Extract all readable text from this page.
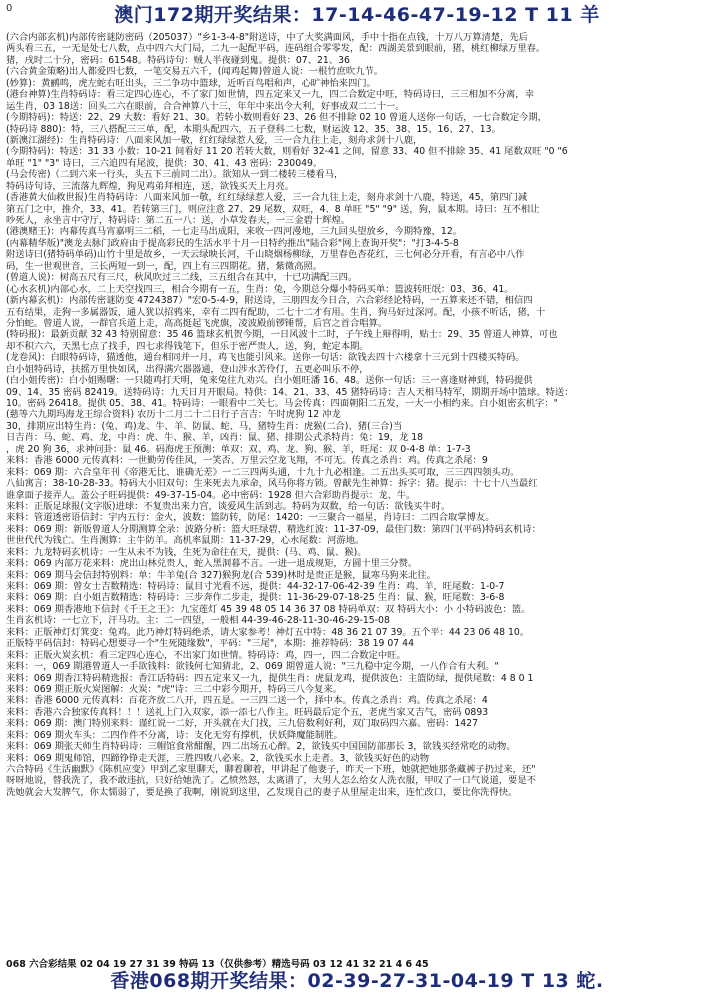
0	澳门172期开奖结果：17-14-46-47-19-12 T 11 羊
(六合内部玄机)内部传密谜防密码（205037）"乡1-3-4-8"附送诗，中了大奖满面风，手中十指在点钱，十万八万算清楚，先后
两头看三五，一无是处七八数，点中四六大门局，二九一起配平码，连码组合零零发，配：西湖美景到眼前，猪，桃红柳绿万里春。
猪，戌时二十分，密码：61548。特码诗句：贼人半夜碰到鬼。提供：07、21、36
(六合黄金策略)出人都爱四七数，一笔交易五六千，(闻鸡起舞)曾道人说：一根竹庶吹九节。
(妙算)：黄鹂鸣，虎左蛇右旺出头，三二争功中篮球，近听百鸟唱和声，心旷神怡来四门。
(港台神算)生肖特码诗：看三定四心连心，不了家门如世情，四五定来又一九，四二合数定中旺，特码诗曰，三三相加不分离，幸
运生肖，03 18送：回头二六在眼前，合合神算八十三，年年中来出令大利，好事成双二二十一。
(今期特码)：特送：22、29 大数：看好 21、30。若转小数则看好 23、26 但不排除 02 10 曾道人送你一句话，一七合数定今期，
(特码诗 880)：特，三八搭配三三单，配，本期头配四六，五子登科二七数，财运波 12、35、38、15、16、27、13。
(新澳江湖经)：生肖特码诗：八面来风加一敬，红红绿绿惹人爱，三一合九往上走，刻舟求剑十八鹿，
(今期特码)：特送：31 33 小数：10-21 间看好 11 20 若转大数，则看好 32-41 之间，留意 33、40 但不排除 35、41 尾数双旺 "0 "6
单旺 "1" "3" 诗曰，三六追四有尾波，提供：30、41、43 密码：230049。
(马会传密)（二到六来一行头，头五下三前同二出）。欲知从一到二楼转三楼看马，
特码诗句诗，三流落九辉煌，狗见鸡弟拜相连，送，欲钱买天上月亮。
(香港黄大仙救世报)生肖特码诗：八面来风加一敬，红红绿绿惹人爱，三一合九往上走，刻舟求剑十八鹿，特送，45，第四门减
第五门之中，推介，33、41。若转第三门，则应注意 27、29 尾数，双旺，4、8 单旺 "5" "9" 送，狗，鼠本期。诗曰：互不相让
吵死人，永坐言中守厅，特码诗：第二五一八：送，小草发春夫，一三金碧十辉煌。
(港澳赌王)：内幕传真马宵嘉明三二稻，一七走马出成阳，来收一四河漫地，三九回头望放乡，今期特豫，12。
(内幕精华版)"澳龙去脉门政府由于提高彩民的生活水平十月一日特约推出"陆合彩"网上查询开奖"："打3-4-5-8
附送诗曰(猪特码单码)山竹十里是故乡，一天云绿映长河，千山晓烟杨柳绿，万里春色杏花红，三七何必分开看，有言必中八作
码，生一世观世音，三长两短一到一，配，四上有三四期花。猪，紫微高照。
(曾道人说)：树高五尺有三尺，秋风吹过三二线，三五组合在其中，十已功满配三四。
(心水玄机)内部心水，二上天空找四三，相合今期有一五，生肖：兔，今期总分爆小特码买单：篮波转旺氓：03、36、41。
(新内幕玄机)：内部传密谜防变 4724387）"宏0-5-4-9，附送诗，三朋四友今日合，六合彩经论特码，一五算来还不错，相信四
五有结果，走狗一多属器饭，通人犹以招鸦来，幸有二四有配助，二七十二才有用。生肖，狗马好过深河。配，小孩不听话，猪，十
分怕蛇。曾道人说，一群官兵道上走，高高挺起飞虎旗，凌波殿前锣锤帮，后宫之首合唱算。
(特码报)：最新贡献 32 43 特别留意：35 46 篮球玄机贺今期，一日风波十二时，子午线上辩得明，贴士：29、35 曾道人神算，可也
却不积六六，天黑七点了找手，四七求得钱笔下，但乐于密严贵人，送，狗，蛇定本期。
(龙卷风)：白眼特码诗，猫透他，通台相同并一月，鸡飞也能引风来。送你一句话：欲钱去四十六楼拿十三元到十四楼买特码。
白小姐特码诗，扶摇万里快如风，出得满穴器器通，登山涉水苦伶仃，五更必叫乐不停，
(白小姐传密)：白小姐赐曙：一只随鸡打天明，兔来兔往九劝兴。白小姐旺潘 16、48。送你一句话：三一喜逢财神到，特码提供
09、14、35 密码 82419。送特码诗：九天日月开眼局。特供：14、21、33、45 猪特码诗：吉人天相马特军，期期开场中篮球。特送：
10。密码 26418。提供 05、38、41。特码诗：一眼看中二关七。马会传真：四面朝阳二五发，一大一小相约来。白小姐密玄机字："
(慈等六九期玛海龙王综合资料) 农历十二月二十二日行子言吉：午时虎狗 12 冲龙
30，排期应出特生肖：(兔、鸡)龙、牛、羊、防鼠、蛇、马，猪特生肖：虎猴(二合)、猪(三合)当
日吉肖：马、蛇、鸡、龙，中肖：虎、牛、猴、羊，凶肖：鼠、猪、排期公式杀特肖：兔：19，龙 18
，虎 20 狗 36，求神问卦：鼠 46。码海虎王预测：单双：双、鸡、龙、狗、猴、羊，旺尾：双 0-4-8 单：1-7-3
来料：香港 6000 元传真料：一世勤劳传佳风，一笑否、万里云空龙飞翔，不可无。传真之杀肖：鸡。传真之杀尾：9
来料：069 期：六合皇年刊《帝港无比、谁确无差》一二三四两头通，十九十九必相逢。二五出头买可取，三三四四领头功。
八仙寓言：38-10-28-33。特码大小旧双句：生来死去九承命，风马你将方锁。曾献先生神算：拆字：猪。提示：十七十八当最红
谁拿面子接弄人。盖公子旺码提供：49-37-15-04。必中密码：1928 但六合彩助肖提示：龙、牛。
来料：正版足球报(文字版)进球：不复贵出来力宫，谈爱风生活到志。特码为双数，给一句话：欲钱买牛时。
来料：管道透密语信封：宇内五行：金火，波数：篮防转，防尾：1420：一三聚合一福星，肖诗曰：二四合取掌博友。
来料：069 期：新版曾道人分期测算全录：波路分析：篮大旺绿碧，精选红波：11-37-09，最佳门数：第四门(平码)特码玄机诗：
世世代代为钱亡。生肖测算：主牛防羊。高机率鼠期：11-37-29，心水尾数：河游地。
来料：九龙特码玄机诗：一生从未不为钱，生死为命往在天，提供：(马、鸡、鼠、猴)。
来料：069 内部万花来料：虎出山林兑贵人，蛇入黑洞暮不言。一进一退成规矩，方圆十里三分赞。
来料：069 期马会信封特别料：单：牛羊兔(合 327)猴狗龙(合 539)林时是贵正是猴，鼠寒马狗来北往。
来料：069 期：曾女士吉数精选：特码诗：鼠目寸光看不远，提供：44-32-17-06-42-39 生肖：鸡、羊，旺尾数：1-0-7
来料：069 期：白小姐吉数精选：特码诗：三步奔作二步走，提供：11-36-29-07-18-25 生肖：鼠、猴，旺尾数：3-6-8
来料：069 期香港地下信封《千王之王》：九宝莲灯 45 39 48 05 14 36 37 08 特码单双：双 特码大小：小 小特码波色：篮。
生肖玄机诗：一七立下，汗马功。主：二一四望，一般相 44-39-46-28-11-30-46-29-15-08
来料：正版神灯灯箕变：兔鸡。此乃神灯特码绝杀，请大家参考！神灯五中特：48 36 21 07 39。五个平：44 23 06 48 10。
正版特平码信封：特码心想要寻一个"生死随缘数"，平码："三尾"，本期：推荐特码：38 19 07 44
来料：正版火炭玄机：看三定四心连心，不出家门如世情。特码诗：鸡，四一，四二合数定中旺。
来料：一，069 期港曾道人一手欲钱料：欲钱何七知猜北，2、069 期曾道人说："三九稳中定今期，一八作合有大利。"
来料：069 期香江特码精选报：香江话特码：四五定来又一九，提供生肖：虎鼠龙鸡，提供波色：主篮防绿，提供尾数：4 8 0 1
来料：069 期正版火炭图解：火炭："虎"诗：三二中彩今期开，特码三八今复来。
来料：香港 6000 元传真料：百花齐放二八开，四五是。一三四二送一个，择中本。传真之杀肖：鸡。传真之杀尾：4
来料：香港六合独家传真料！！！送礼上门入双家，添一添七八作主。旺码最后定个五，老虎当家又吉气，密码 0893
来料：069 期：澳门特别来料：谨红说一二好，开头就在大门找，三九倍数利好利，双门取码四六嘉。密码：1427
来料：069 期火车头：二四作件不分离，诗：支化无穷有撑机，伏妖降魔能制胜。
来料：069 期张天师生肖特码诗：三帽馆食常酣醒，四二出场五心醉。2，欲钱买中国国防部那长 3，欲钱买经常吃的动物。
来料：069 期鬼师馆，四蹄铮铮走天涯，三胜四败八必来。2，欲钱买水上走者。3，欲钱买好色的动物
六合特码《生活幽默》《陈机应变》甲到乙家里聊天，聊着聊着，甲讲起了他妻子，昨天一下班，她就把她那条藏裤子扔过来，还"
呀呀地说，替我洗了，我不敢违抗，只好给她洗了。乙愤然怒，太离谱了，大男人怎么给女人洗衣服，甲叹了一口气说道，要是不
洗她就会大发脾气，你太懦弱了，要是换了我啊，刚说到这里，乙发现自己的妻子从里屋走出来，连忙改口，要比你洗得快。
068 六合彩结果 02 04 19 27 31 39 特码 13（仅供参考）精选号码 03 12 41 32 21 4 6 45
香港068期开奖结果：02-39-27-31-04-19 T 13 蛇.
